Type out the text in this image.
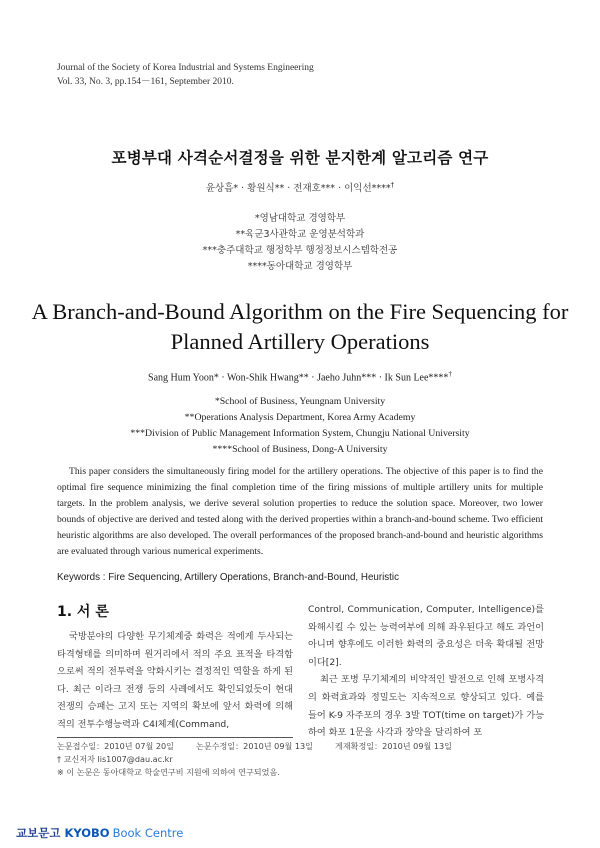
Journal of the Society of Korea Industrial and Systems Engineering
Vol. 33, No. 3, pp.154－161, September 2010.
포병부대 사격순서결정을 위한 분지한계 알고리즘 연구
윤상흠* · 황원식** · 전재호*** · 이익선****†
*영남대학교 경영학부
**육군3사관학교 운영분석학과
***충주대학교 행정학부 행정정보시스템학전공
****동아대학교 경영학부
A Branch-and-Bound Algorithm on the Fire Sequencing for
Planned Artillery Operations
Sang Hum Yoon* · Won-Shik Hwang** · Jaeho Juhn*** · Ik Sun Lee****†
*School of Business, Yeungnam University
**Operations Analysis Department, Korea Army Academy
***Division of Public Management Information System, Chungju National University
****School of Business, Dong-A University
This paper considers the simultaneously firing model for the artillery operations. The objective of this paper is to find the optimal fire sequence minimizing the final completion time of the firing missions of multiple artillery units for multiple targets. In the problem analysis, we derive several solution properties to reduce the solution space. Moreover, two lower bounds of objective are derived and tested along with the derived properties within a branch-and-bound scheme. Two efficient heuristic algorithms are also developed. The overall performances of the proposed branch-and-bound and heuristic algorithms are evaluated through various numerical experiments.
Keywords : Fire Sequencing, Artillery Operations, Branch-and-Bound, Heuristic
1. 서 론

국방분야의 다양한 무기체계중 화력은 적에게 두사되는 타격형태를 의미하며 원거리에서 적의 주요 표적을 타격함으로써 적의 전투력을 약화시키는 결정적인 역할을 하게 된다. 최근 이라크 전쟁 등의 사례에서도 확인되었듯이 현대전쟁의 승패는 고지 또는 지역의 확보에 앞서 화력에 의해 적의 전투수행능력과 C4I체계(Command,

Control, Communication, Computer, Intelligence)를 와해시킬 수 있는 능력여부에 의해 좌우된다고 해도 과언이 아니며 향후에도 이러한 화력의 중요성은 더욱 확대될 전망이다[2].

최근 포병 무기체계의 비약적인 발전으로 인해 포병사격의 화력효과와 정밀도는 지속적으로 향상되고 있다. 예를 들어 K-9 자주포의 경우 3발 TOT(time on target)가 가능하여 화포 1문을 사각과 장약을 달리하여 포

논문접수일：2010년 07월 20일	논문수정일：2010년 09월 13일	게재확정일：2010년 09월 13일
† 교신저자 lis1007@dau.ac.kr
※ 이 논문은 동아대학교 학술연구비 지원에 의하여 연구되었음.
교보문고 KYOBO Book Centre
